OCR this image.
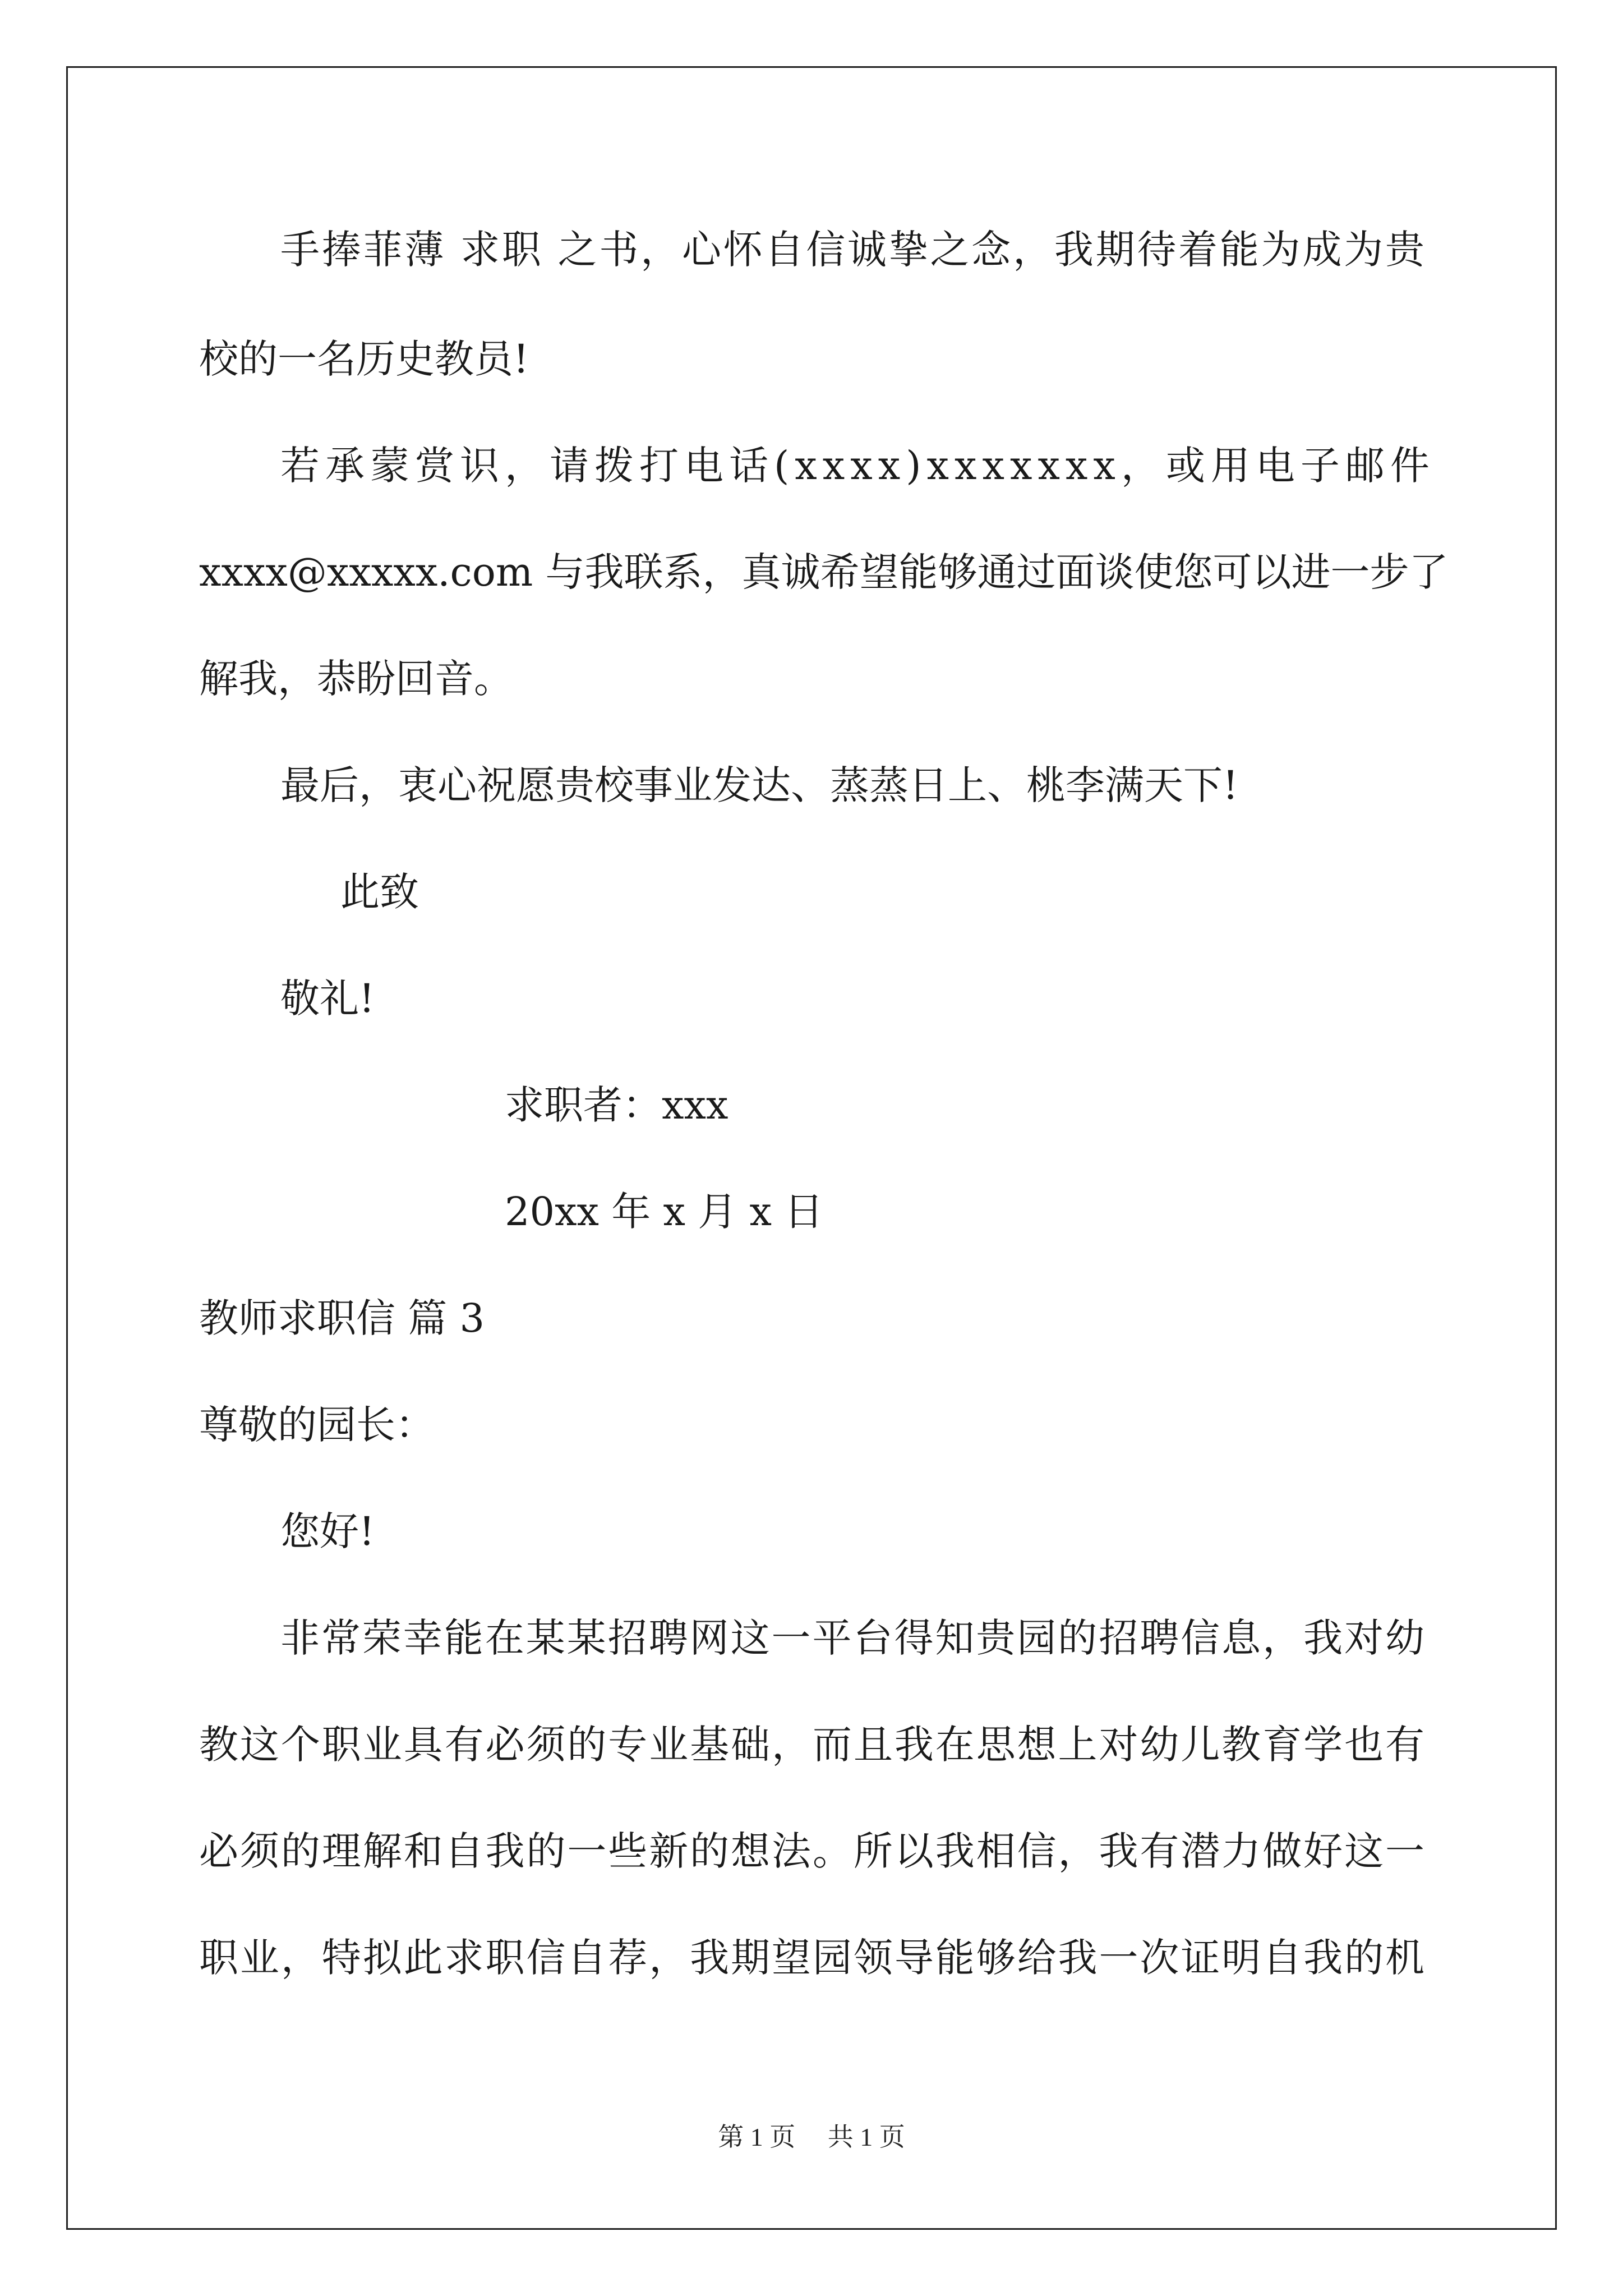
手捧菲薄 求职 之书，心怀自信诚挚之念，我期待着能为成为贵
校的一名历史教员!
若承蒙赏识，请拨打电话(xxxx)xxxxxxx，或用电子邮件
xxxx@xxxxx.com 与我联系，真诚希望能够通过面谈使您可以进一步了
解我，恭盼回音。
最后，衷心祝愿贵校事业发达、蒸蒸日上、桃李满天下!
此致
敬礼!
求职者：xxx
20xx 年 x 月 x 日
教师求职信 篇 3
尊敬的园长：
您好!
非常荣幸能在某某招聘网这一平台得知贵园的招聘信息，我对幼
教这个职业具有必须的专业基础，而且我在思想上对幼儿教育学也有
必须的理解和自我的一些新的想法。所以我相信，我有潜力做好这一
职业，特拟此求职信自荐，我期望园领导能够给我一次证明自我的机
第 1 页　 共 1 页
